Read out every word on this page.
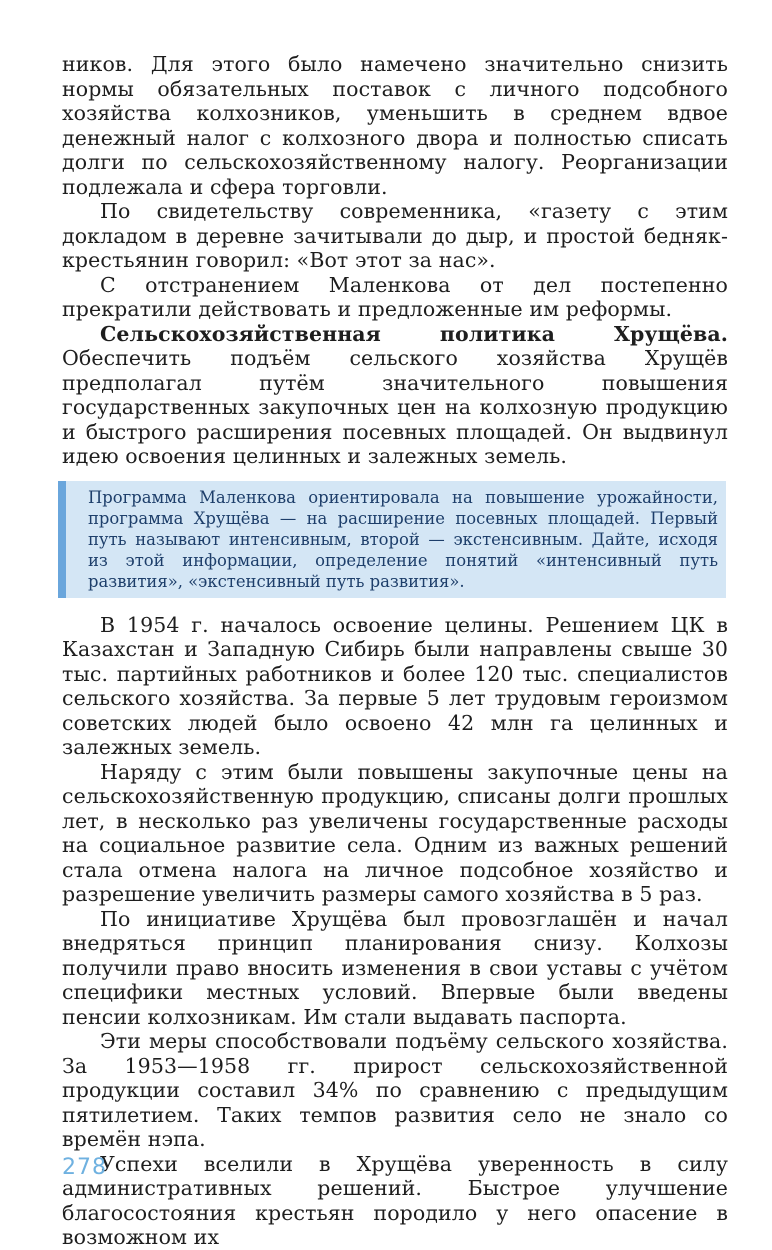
ников. Для этого было намечено значительно снизить нормы обязательных поставок с личного подсобного хозяйства колхозников, уменьшить в среднем вдвое денежный налог с колхозного двора и полностью списать долги по сельскохозяйственному налогу. Реорганизации подлежала и сфера торговли.

По свидетельству современника, «газету с этим докладом в деревне зачитывали до дыр, и простой бедняк-крестьянин говорил: «Вот этот за нас».

С отстранением Маленкова от дел постепенно прекратили действовать и предложенные им реформы.

Сельскохозяйственная политика Хрущёва. Обеспечить подъём сельского хозяйства Хрущёв предполагал путём значительного повышения государственных закупочных цен на колхозную продукцию и быстрого расширения посевных площадей. Он выдвинул идею освоения целинных и залежных земель.

Программа Маленкова ориентировала на повышение урожайности, программа Хрущёва — на расширение посевных площадей. Первый путь называют интенсивным, второй — экстенсивным. Дайте, исходя из этой информации, определение понятий «интенсивный путь развития», «экстенсивный путь развития».

В 1954 г. началось освоение целины. Решением ЦК в Казахстан и Западную Сибирь были направлены свыше 30 тыс. партийных работников и более 120 тыс. специалистов сельского хозяйства. За первые 5 лет трудовым героизмом советских людей было освоено 42 млн га целинных и залежных земель.

Наряду с этим были повышены закупочные цены на сельскохозяйственную продукцию, списаны долги прошлых лет, в несколько раз увеличены государственные расходы на социальное развитие села. Одним из важных решений стала отмена налога на личное подсобное хозяйство и разрешение увеличить размеры самого хозяйства в 5 раз.

По инициативе Хрущёва был провозглашён и начал внедряться принцип планирования снизу. Колхозы получили право вносить изменения в свои уставы с учётом специфики местных условий. Впервые были введены пенсии колхозникам. Им стали выдавать паспорта.

Эти меры способствовали подъёму сельского хозяйства. За 1953—1958 гг. прирост сельскохозяйственной продукции составил 34% по сравнению с предыдущим пятилетием. Таких темпов развития село не знало со времён нэпа.

Успехи вселили в Хрущёва уверенность в силу административных решений. Быстрое улучшение благосостояния крестьян породило у него опасение в возможном их

278
